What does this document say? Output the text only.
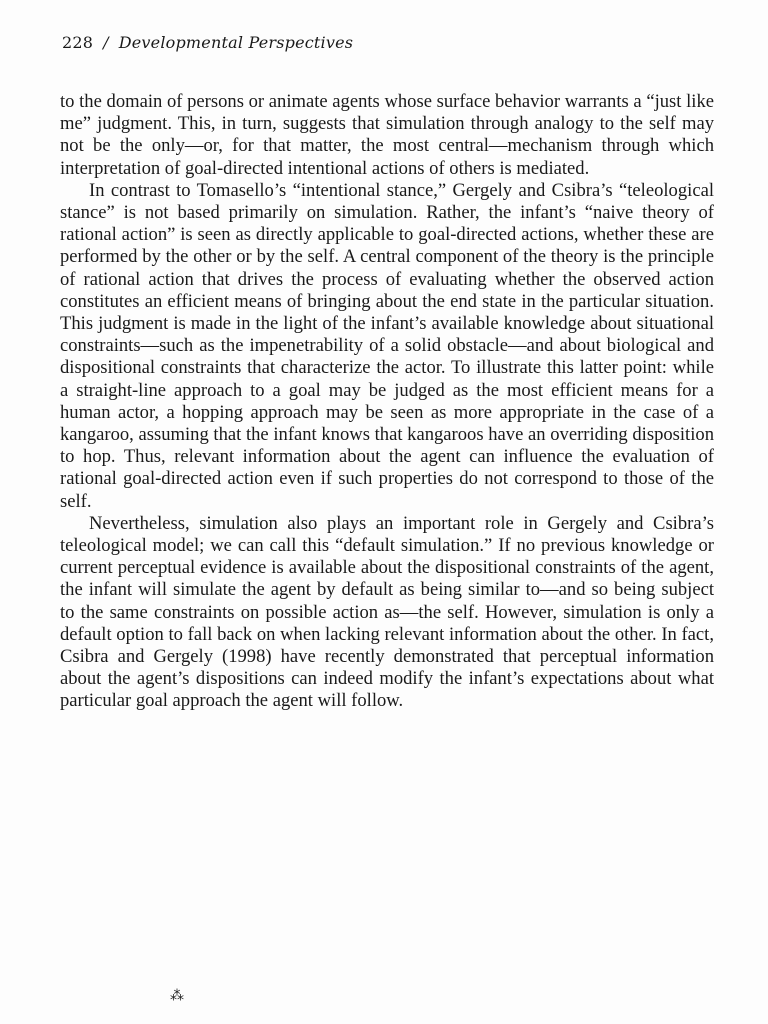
228 / Developmental Perspectives

to the domain of persons or animate agents whose surface behavior warrants a “just like me” judgment. This, in turn, suggests that simulation through analogy to the self may not be the only—or, for that matter, the most central—mechanism through which interpretation of goal-directed intentional actions of others is mediated.

In contrast to Tomasello’s “intentional stance,” Gergely and Csibra’s “teleological stance” is not based primarily on simulation. Rather, the infant’s “naive theory of rational action” is seen as directly applicable to goal-directed actions, whether these are performed by the other or by the self. A central component of the theory is the principle of rational action that drives the process of evaluating whether the observed action constitutes an efficient means of bringing about the end state in the particular situation. This judgment is made in the light of the infant’s available knowledge about situational constraints—such as the impenetrability of a solid obstacle—and about biological and dispositional constraints that characterize the actor. To illustrate this latter point: while a straight-line approach to a goal may be judged as the most efficient means for a human actor, a hopping approach may be seen as more appropriate in the case of a kangaroo, assuming that the infant knows that kangaroos have an overriding disposition to hop. Thus, relevant information about the agent can influence the evaluation of rational goal-directed action even if such properties do not correspond to those of the self.

Nevertheless, simulation also plays an important role in Gergely and Csibra’s teleological model; we can call this “default simulation.” If no previous knowledge or current perceptual evidence is available about the dispositional constraints of the agent, the infant will simulate the agent by default as being similar to—and so being subject to the same constraints on possible action as—the self. However, simulation is only a default option to fall back on when lacking relevant information about the other. In fact, Csibra and Gergely (1998) have recently demonstrated that perceptual information about the agent’s dispositions can indeed modify the infant’s expectations about what particular goal approach the agent will follow.

⁂
